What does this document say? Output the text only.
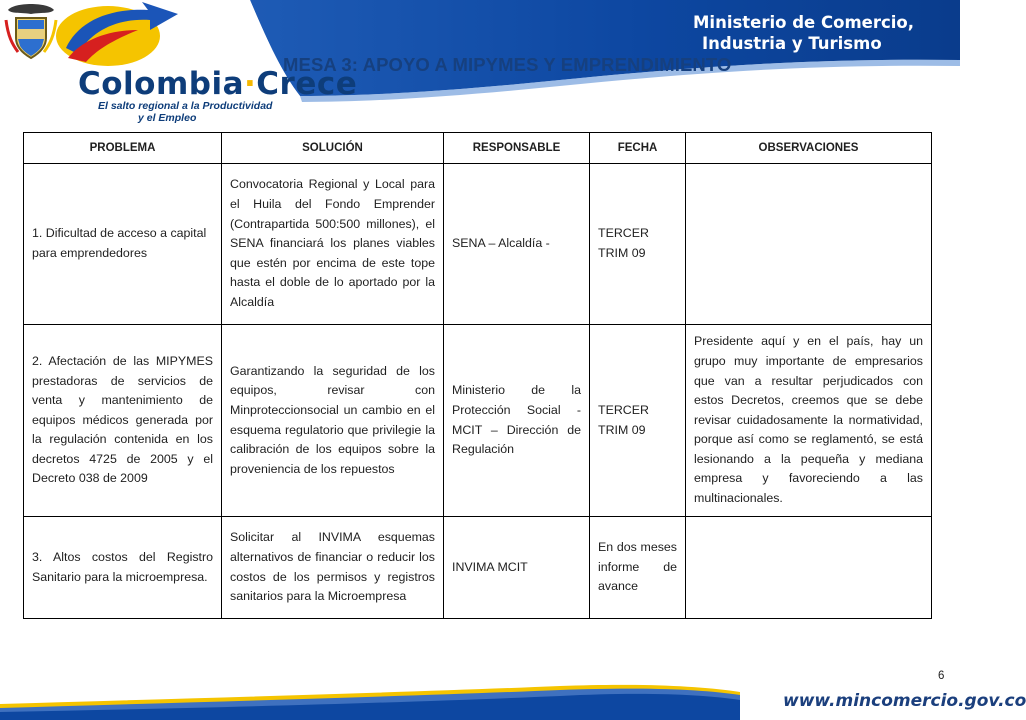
Colombia·Crece
El salto regional a la Productividad
y el Empleo
Ministerio de Comercio,
Industria y Turismo
MESA 3: APOYO A MIPYMES Y EMPRENDIMIENTO
PROBLEMA	SOLUCIÓN	RESPONSABLE	FECHA	OBSERVACIONES
1. Dificultad de acceso a capital para emprendedores	Convocatoria Regional y Local para el Huila del Fondo Emprender (Contrapartida 500:500 millones), el SENA financiará los planes viables que estén por encima de este tope hasta el doble de lo aportado por la Alcaldía	SENA – Alcaldía -	TERCER TRIM 09	
2. Afectación de las MIPYMES prestadoras de servicios de venta y mantenimiento de equipos médicos generada por la regulación contenida en los decretos 4725 de 2005 y el Decreto 038 de 2009	Garantizando la seguridad de los equipos, revisar con Minproteccionsocial un cambio en el esquema regulatorio que privilegie la calibración de los equipos sobre la proveniencia de los repuestos	Ministerio de la Protección Social - MCIT – Dirección de Regulación	TERCER TRIM 09	Presidente aquí y en el país, hay un grupo muy importante de empresarios que van a resultar perjudicados con estos Decretos, creemos que se debe revisar cuidadosamente la normatividad, porque así como se reglamentó, se está lesionando a la pequeña y mediana empresa y favoreciendo a las multinacionales.
3. Altos costos del Registro Sanitario para la microempresa.	Solicitar al INVIMA esquemas alternativos de financiar o reducir los costos de los permisos y registros sanitarios para la Microempresa	INVIMA MCIT	En dos meses informe de avance	
6
www.mincomercio.gov.co
